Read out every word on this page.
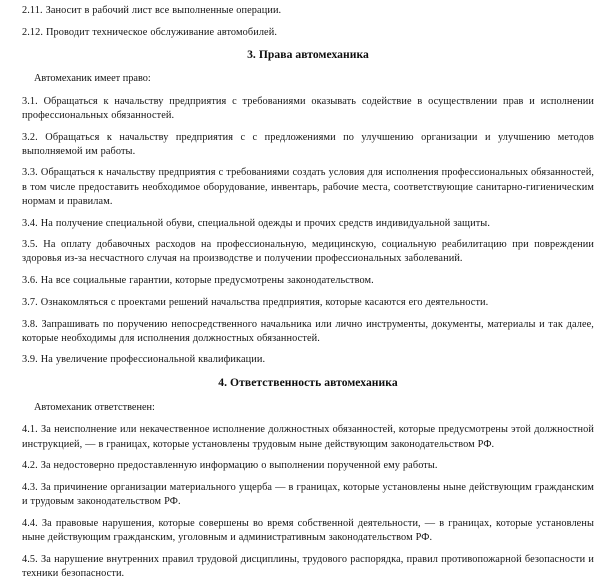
2.11. Заносит в рабочий лист все выполненные операции.

2.12. Проводит техническое обслуживание автомобилей.

3. Права автомеханика

Автомеханик имеет право:

3.1. Обращаться к начальству предприятия с требованиями оказывать содействие в осуществлении прав и исполнении профессиональных обязанностей.

3.2. Обращаться к начальству предприятия с с предложениями по улучшению организации и улучшению методов выполняемой им работы.

3.3. Обращаться к начальству предприятия с требованиями создать условия для исполнения профессиональных обязанностей, в том числе предоставить необходимое оборудование, инвентарь, рабочие места, соответствующие санитарно-гигиеническим нормам и правилам.

3.4. На получение специальной обуви, специальной одежды и прочих средств индивидуальной защиты.

3.5. На оплату добавочных расходов на профессиональную, медицинскую, социальную реабилитацию при повреждении здоровья из-за несчастного случая на производстве и получении профессиональных заболеваний.

3.6. На все социальные гарантии, которые предусмотрены законодательством.

3.7. Ознакомляться с проектами решений начальства предприятия, которые касаются его деятельности.

3.8. Запрашивать по поручению непосредственного начальника или лично инструменты, документы, материалы и так далее, которые необходимы для исполнения должностных обязанностей.

3.9. На увеличение профессиональной квалификации.

4. Ответственность автомеханика

Автомеханик ответственен:

4.1. За неисполнение или некачественное исполнение должностных обязанностей, которые предусмотрены этой должностной инструкцией, — в границах, которые установлены трудовым ныне действующим законодательством РФ.

4.2. За недостоверно предоставленную информацию о выполнении порученной ему работы.

4.3. За причинение организации материального ущерба — в границах, которые установлены ныне действующим гражданским и трудовым законодательством РФ.

4.4. За правовые нарушения, которые совершены во время собственной деятельности, — в границах, которые установлены ныне действующим гражданским, уголовным и административным законодательством РФ.

4.5. За нарушение внутренних правил трудовой дисциплины, трудового распорядка, правил противопожарной безопасности и техники безопасности.
